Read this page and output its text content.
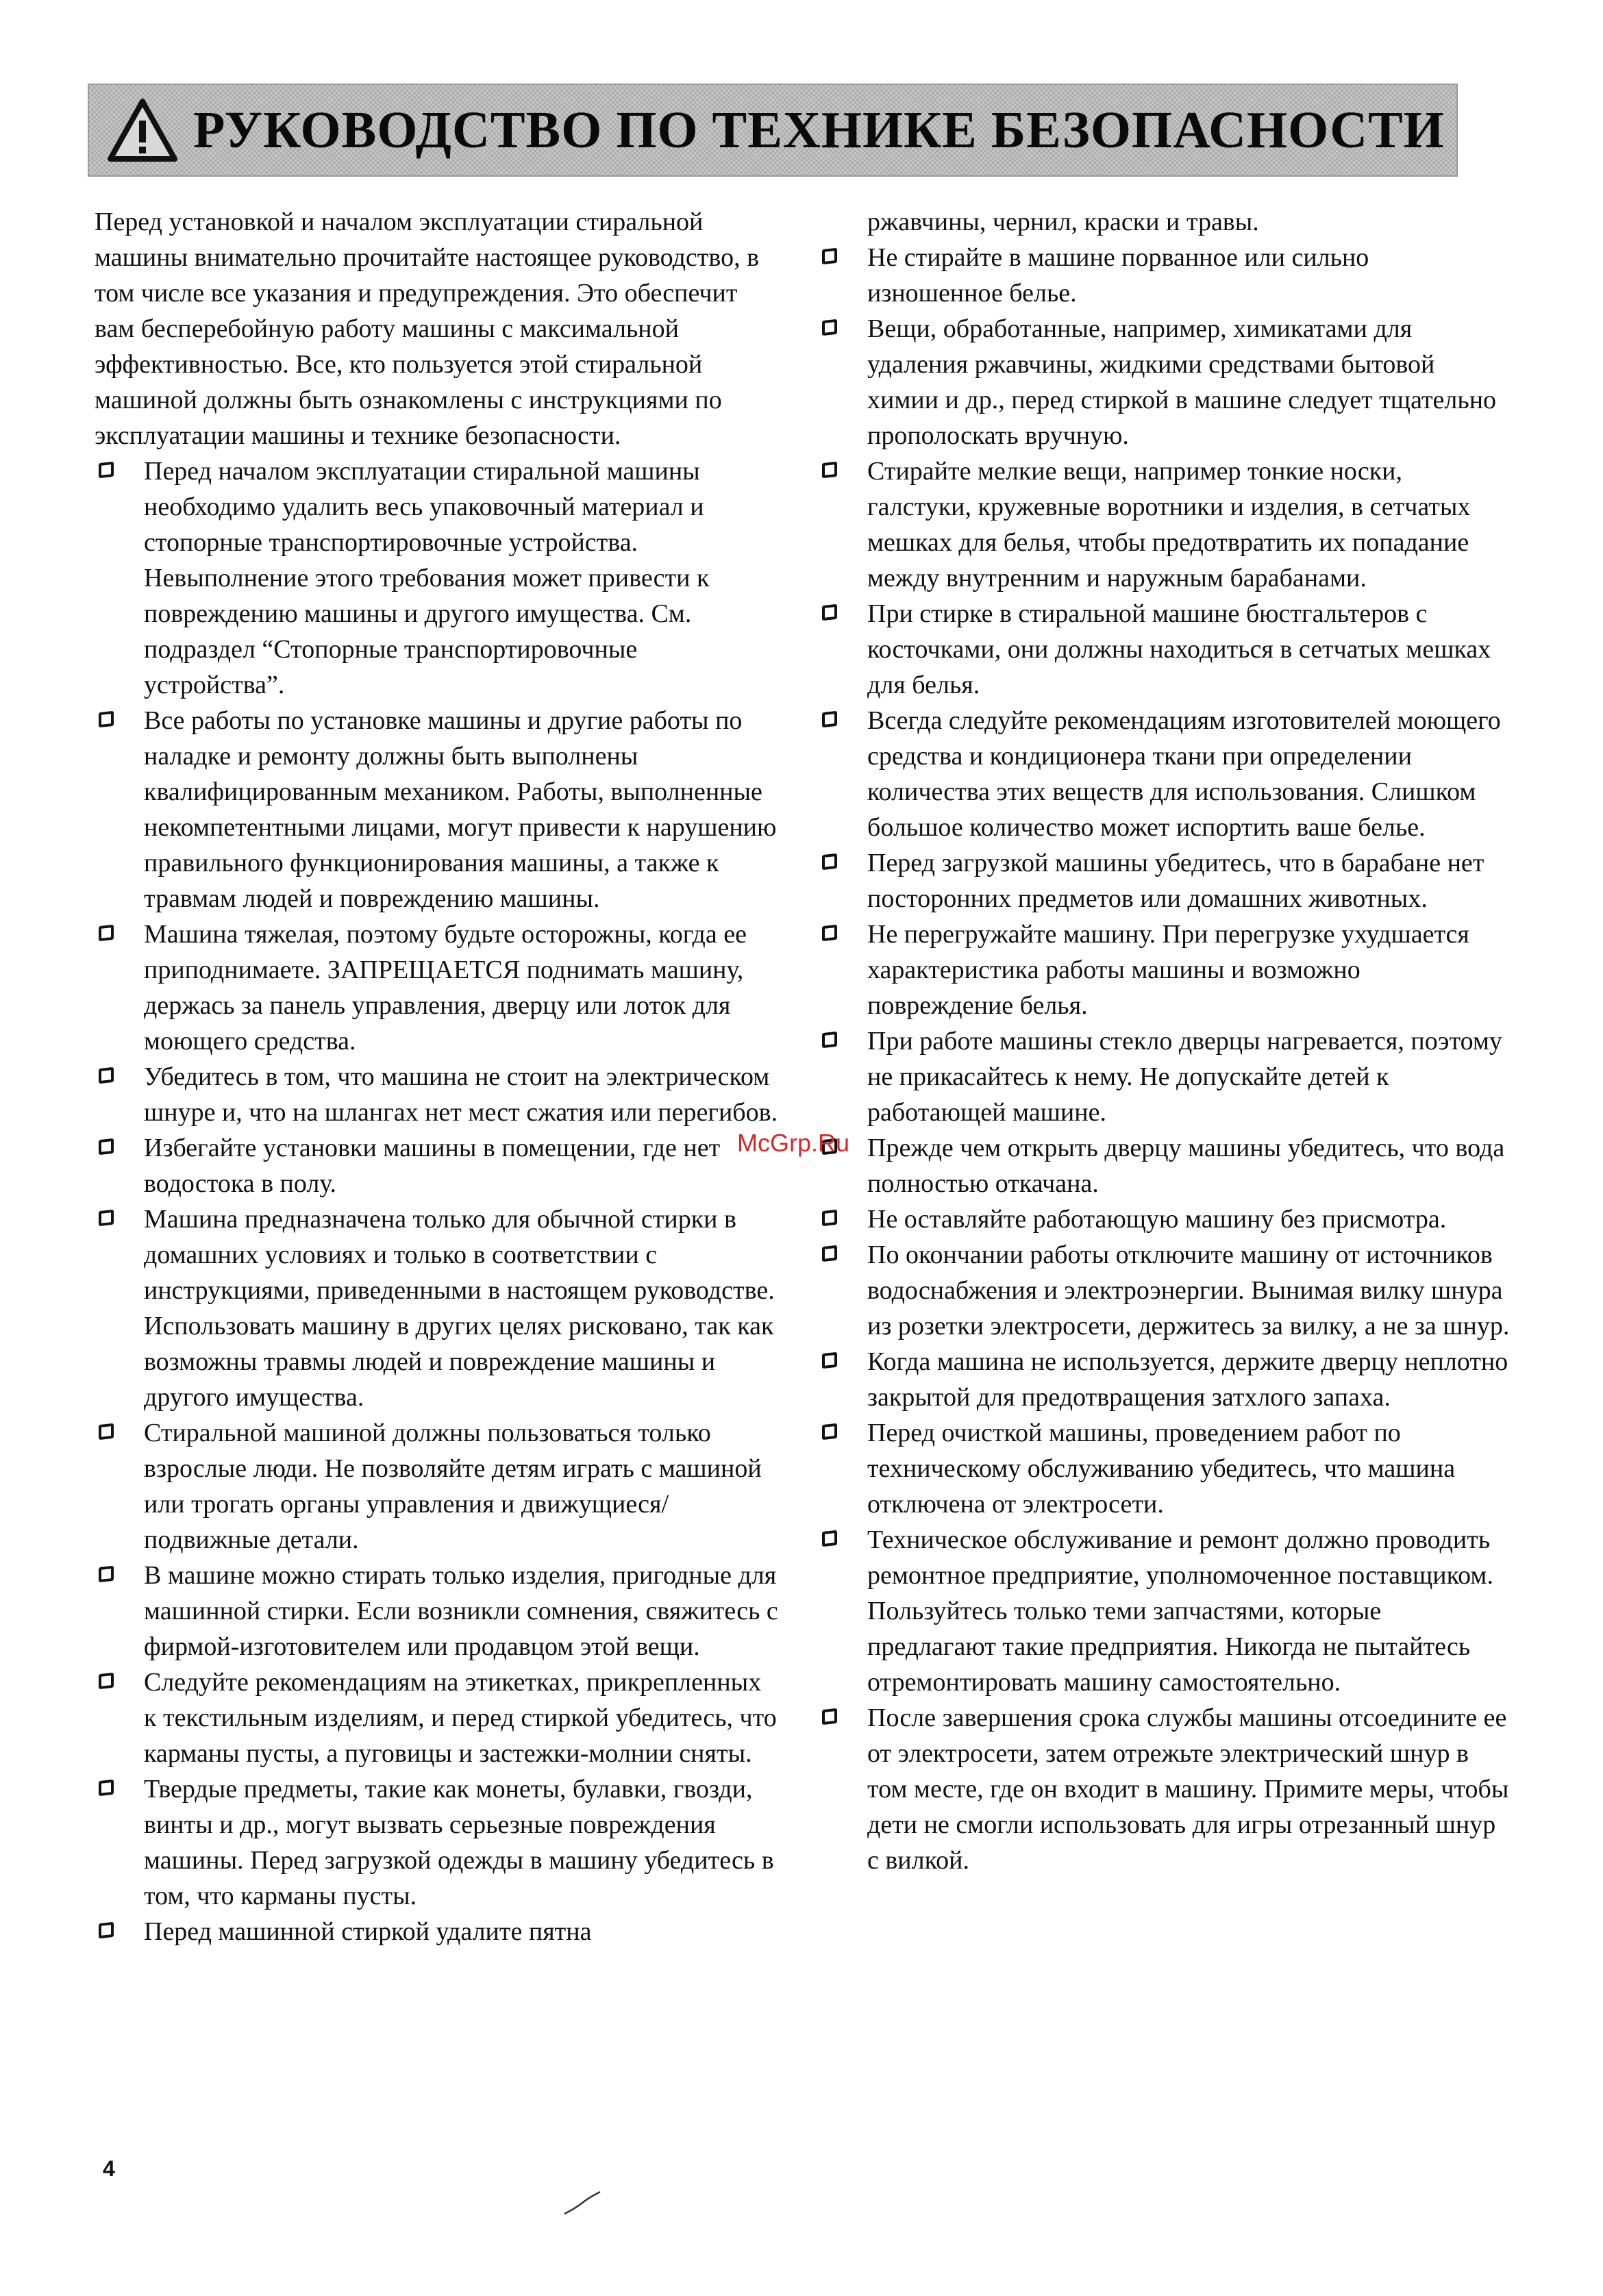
РУКОВОДСТВО ПО ТЕХНИКЕ БЕЗОПАСНОСТИ

Перед установкой и началом эксплуатации стиральной машины внимательно прочитайте настоящее руководство, в том числе все указания и предупреждения. Это обеспечит вам бесперебойную работу машины с максимальной эффективностью. Все, кто пользуется этой стиральной машиной должны быть ознакомлены с инструкциями по эксплуатации машины и технике безопасности.

Перед началом эксплуатации стиральной машины необходимо удалить весь упаковочный материал и стопорные транспортировочные устройства. Невыполнение этого требования может привести к повреждению машины и другого имущества. См. подраздел “Стопорные транспортировочные устройства”.
Все работы по установке машины и другие работы по наладке и ремонту должны быть выполнены квалифицированным механиком. Работы, выполненные некомпетентными лицами, могут привести к нарушению правильного функционирования машины, а также к травмам людей и повреждению машины.
Машина тяжелая, поэтому будьте осторожны, когда ее приподнимаете. ЗАПРЕЩАЕТСЯ поднимать машину, держась за панель управления, дверцу или лоток для моющего средства.
Убедитесь в том, что машина не стоит на электрическом шнуре и, что на шлангах нет мест сжатия или перегибов.
Избегайте установки машины в помещении, где нет водостока в полу.
Машина предназначена только для обычной стирки в домашних условиях и только в соответствии с инструкциями, приведенными в настоящем руководстве. Использовать машину в других целях рисковано, так как возможны травмы людей и повреждение машины и другого имущества.
Стиральной машиной должны пользоваться только взрослые люди. Не позволяйте детям играть с машиной или трогать органы управления и движущиеся/подвижные детали.
В машине можно стирать только изделия, пригодные для машинной стирки. Если возникли сомнения, свяжитесь с фирмой-изготовителем или продавцом этой вещи.
Следуйте рекомендациям на этикетках, прикрепленных к текстильным изделиям, и перед стиркой убедитесь, что карманы пусты, а пуговицы и застежки-молнии сняты.
Твердые предметы, такие как монеты, булавки, гвозди, винты и др., могут вызвать серьезные повреждения машины. Перед загрузкой одежды в машину убедитесь в том, что карманы пусты.
Перед машинной стиркой удалите пятна
ржавчины, чернил, краски и травы.
Не стирайте в машине порванное или сильно изношенное белье.
Вещи, обработанные, например, химикатами для удаления ржавчины, жидкими средствами бытовой химии и др., перед стиркой в машине следует тщательно прополоскать вручную.
Стирайте мелкие вещи, например тонкие носки, галстуки, кружевные воротники и изделия, в сетчатых мешках для белья, чтобы предотвратить их попадание между внутренним и наружным барабанами.
При стирке в стиральной машине бюстгальтеров с косточками, они должны находиться в сетчатых мешках для белья.
Всегда следуйте рекомендациям изготовителей моющего средства и кондиционера ткани при определении количества этих веществ для использования. Слишком большое количество может испортить ваше белье.
Перед загрузкой машины убедитесь, что в барабане нет посторонних предметов или домашних животных.
Не перегружайте машину. При перегрузке ухудшается характеристика работы машины и возможно повреждение белья.
При работе машины стекло дверцы нагревается, поэтому не прикасайтесь к нему. Не допускайте детей к работающей машине.
Прежде чем открыть дверцу машины убедитесь, что вода полностью откачана.
Не оставляйте работающую машину без присмотра.
По окончании работы отключите машину от источников водоснабжения и электроэнергии. Вынимая вилку шнура из розетки электросети, держитесь за вилку, а не за шнур.
Когда машина не используется, держите дверцу неплотно закрытой для предотвращения затхлого запаха.
Перед очисткой машины, проведением работ по техническому обслуживанию убедитесь, что машина отключена от электросети.
Техническое обслуживание и ремонт должно проводить ремонтное предприятие, уполномоченное поставщиком. Пользуйтесь только теми запчастями, которые предлагают такие предприятия. Никогда не пытайтесь отремонтировать машину самостоятельно.
После завершения срока службы машины отсоедините ее от электросети, затем отрежьте электрический шнур в том месте, где он входит в машину. Примите меры, чтобы дети не смогли использовать для игры отрезанный шнур с вилкой.
McGrp.Ru
4
